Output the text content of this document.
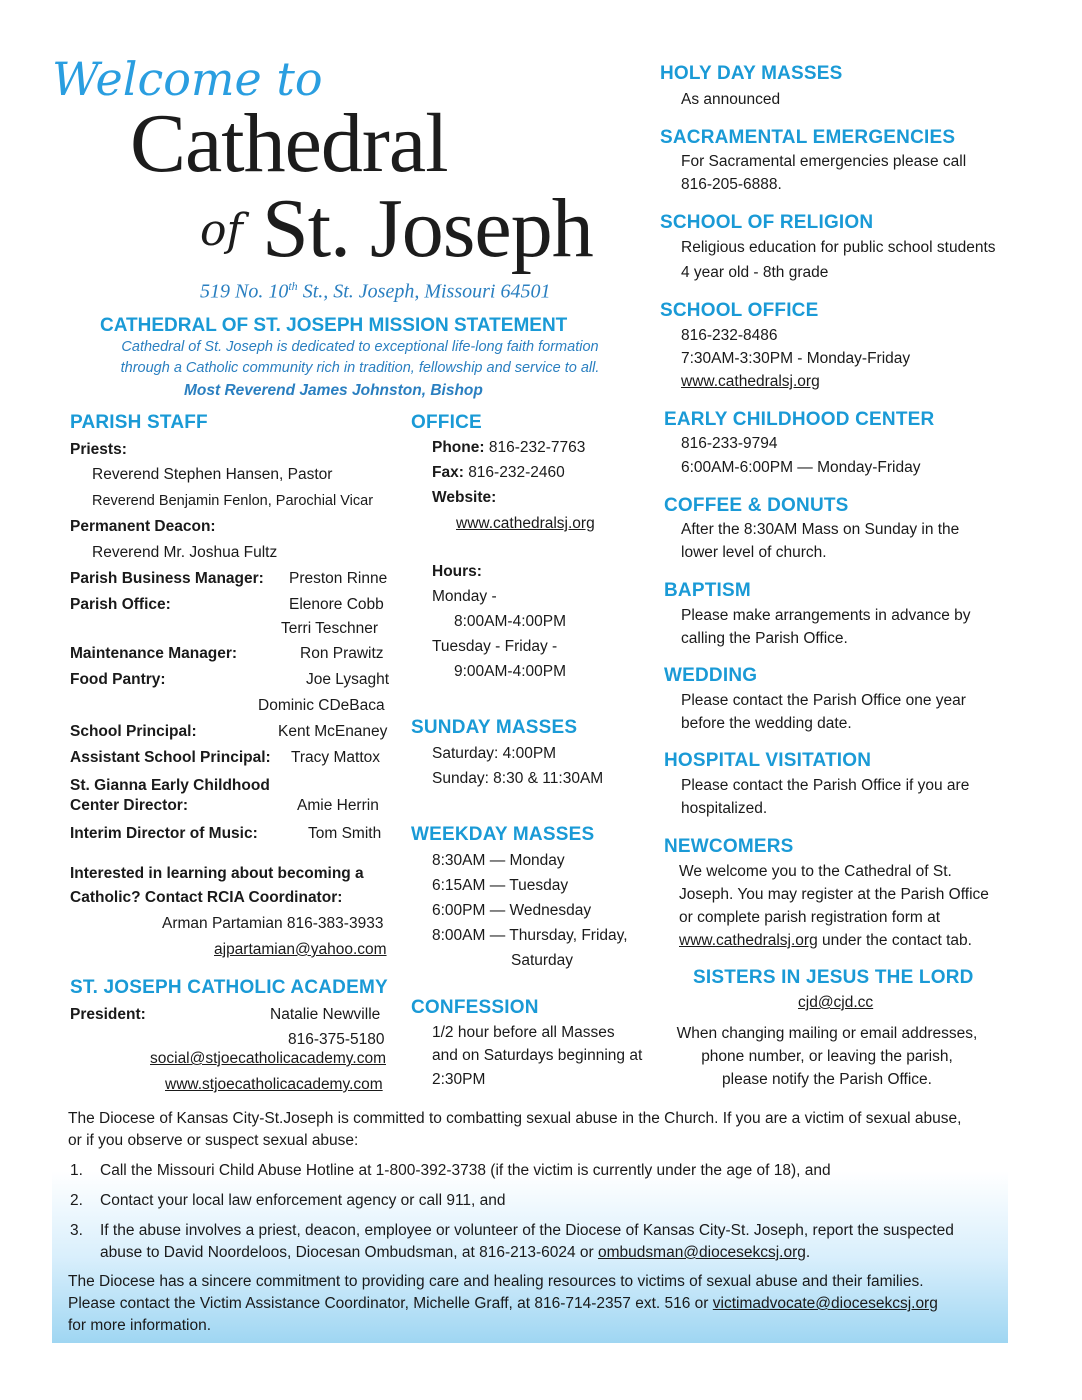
Welcome to
Cathedral
of St. Joseph
519 No. 10th St., St. Joseph, Missouri 64501
CATHEDRAL OF ST. JOSEPH MISSION STATEMENT
Cathedral of St. Joseph is dedicated to exceptional life-long faith formation
through a Catholic community rich in tradition, fellowship and service to all.
Most Reverend James Johnston, Bishop
PARISH STAFF
Priests:
Reverend Stephen Hansen, Pastor
Reverend Benjamin Fenlon, Parochial Vicar
Permanent Deacon:
Reverend Mr. Joshua Fultz
Parish Business Manager: Preston Rinne
Parish Office:	Elenore Cobb
Terri Teschner
Maintenance Manager:	Ron Prawitz
Food Pantry:	Joe Lysaght
Dominic CDeBaca
School Principal:	Kent McEnaney
Assistant School Principal: Tracy Mattox
St. Gianna Early Childhood
Center Director:	Amie Herrin
Interim Director of Music:	Tom Smith
Interested in learning about becoming a
Catholic? Contact RCIA Coordinator:
Arman Partamian 816-383-3933
ajpartamian@yahoo.com
ST. JOSEPH CATHOLIC ACADEMY
President:	Natalie Newville
816-375-5180
social@stjoecatholicacademy.com
www.stjoecatholicacademy.com
OFFICE
Phone: 816-232-7763
Fax: 816-232-2460
Website:
www.cathedralsj.org
Hours:
Monday -
8:00AM-4:00PM
Tuesday - Friday -
9:00AM-4:00PM
SUNDAY MASSES
Saturday: 4:00PM
Sunday: 8:30 & 11:30AM
WEEKDAY MASSES
8:30AM — Monday
6:15AM — Tuesday
6:00PM — Wednesday
8:00AM — Thursday, Friday,
Saturday
CONFESSION
1/2 hour before all Masses
and on Saturdays beginning at
2:30PM
HOLY DAY MASSES
As announced
SACRAMENTAL EMERGENCIES
For Sacramental emergencies please call
816-205-6888.
SCHOOL OF RELIGION
Religious education for public school students
4 year old - 8th grade
SCHOOL OFFICE
816-232-8486
7:30AM-3:30PM - Monday-Friday
www.cathedralsj.org
EARLY CHILDHOOD CENTER
816-233-9794
6:00AM-6:00PM — Monday-Friday
COFFEE & DONUTS
After the 8:30AM Mass on Sunday in the
lower level of church.
BAPTISM
Please make arrangements in advance by
calling the Parish Office.
WEDDING
Please contact the Parish Office one year
before the wedding date.
HOSPITAL VISITATION
Please contact the Parish Office if you are
hospitalized.
NEWCOMERS
We welcome you to the Cathedral of St.
Joseph. You may register at the Parish Office
or complete parish registration form at
www.cathedralsj.org under the contact tab.
SISTERS IN JESUS THE LORD
cjd@cjd.cc
When changing mailing or email addresses,
phone number, or leaving the parish,
please notify the Parish Office.
The Diocese of Kansas City-St.Joseph is committed to combatting sexual abuse in the Church. If you are a victim of sexual abuse,
or if you observe or suspect sexual abuse:
1. Call the Missouri Child Abuse Hotline at 1-800-392-3738 (if the victim is currently under the age of 18), and
2. Contact your local law enforcement agency or call 911, and
3. If the abuse involves a priest, deacon, employee or volunteer of the Diocese of Kansas City-St. Joseph, report the suspected
abuse to David Noordeloos, Diocesan Ombudsman, at 816-213-6024 or ombudsman@diocesekcsj.org.
The Diocese has a sincere commitment to providing care and healing resources to victims of sexual abuse and their families.
Please contact the Victim Assistance Coordinator, Michelle Graff, at 816-714-2357 ext. 516 or victimadvocate@diocesekcsj.org
for more information.
